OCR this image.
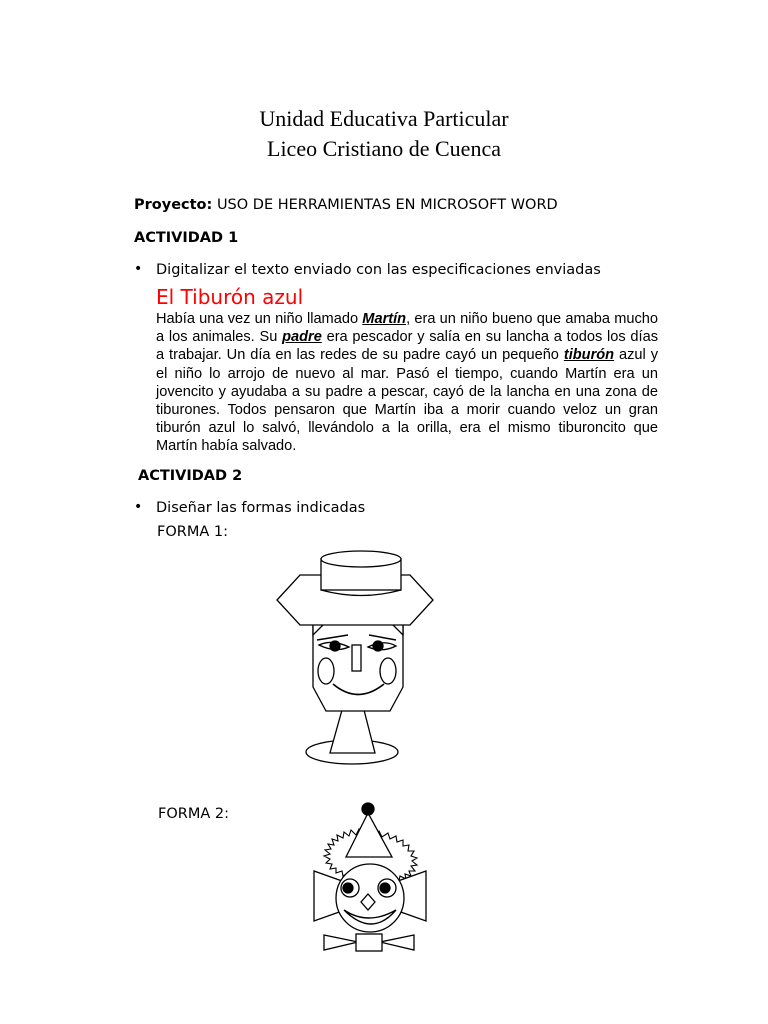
Unidad Educativa Particular
Liceo Cristiano de Cuenca
Proyecto: USO DE HERRAMIENTAS EN MICROSOFT WORD
ACTIVIDAD 1
• Digitalizar el texto enviado con las especificaciones enviadas
El Tiburón azul
Había una vez un niño llamado Martín, era un niño bueno que amaba mucho a los animales. Su padre era pescador y salía en su lancha a todos los días a trabajar. Un día en las redes de su padre cayó un pequeño tiburón azul y el niño lo arrojo de nuevo al mar. Pasó el tiempo, cuando Martín era un jovencito y ayudaba a su padre a pescar, cayó de la lancha en una zona de tiburones. Todos pensaron que Martín iba a morir cuando veloz un gran tiburón azul lo salvó, llevándolo a la orilla, era el mismo tiburoncito que Martín había salvado.
ACTIVIDAD 2
• Diseñar las formas indicadas
FORMA 1:
FORMA 2:
